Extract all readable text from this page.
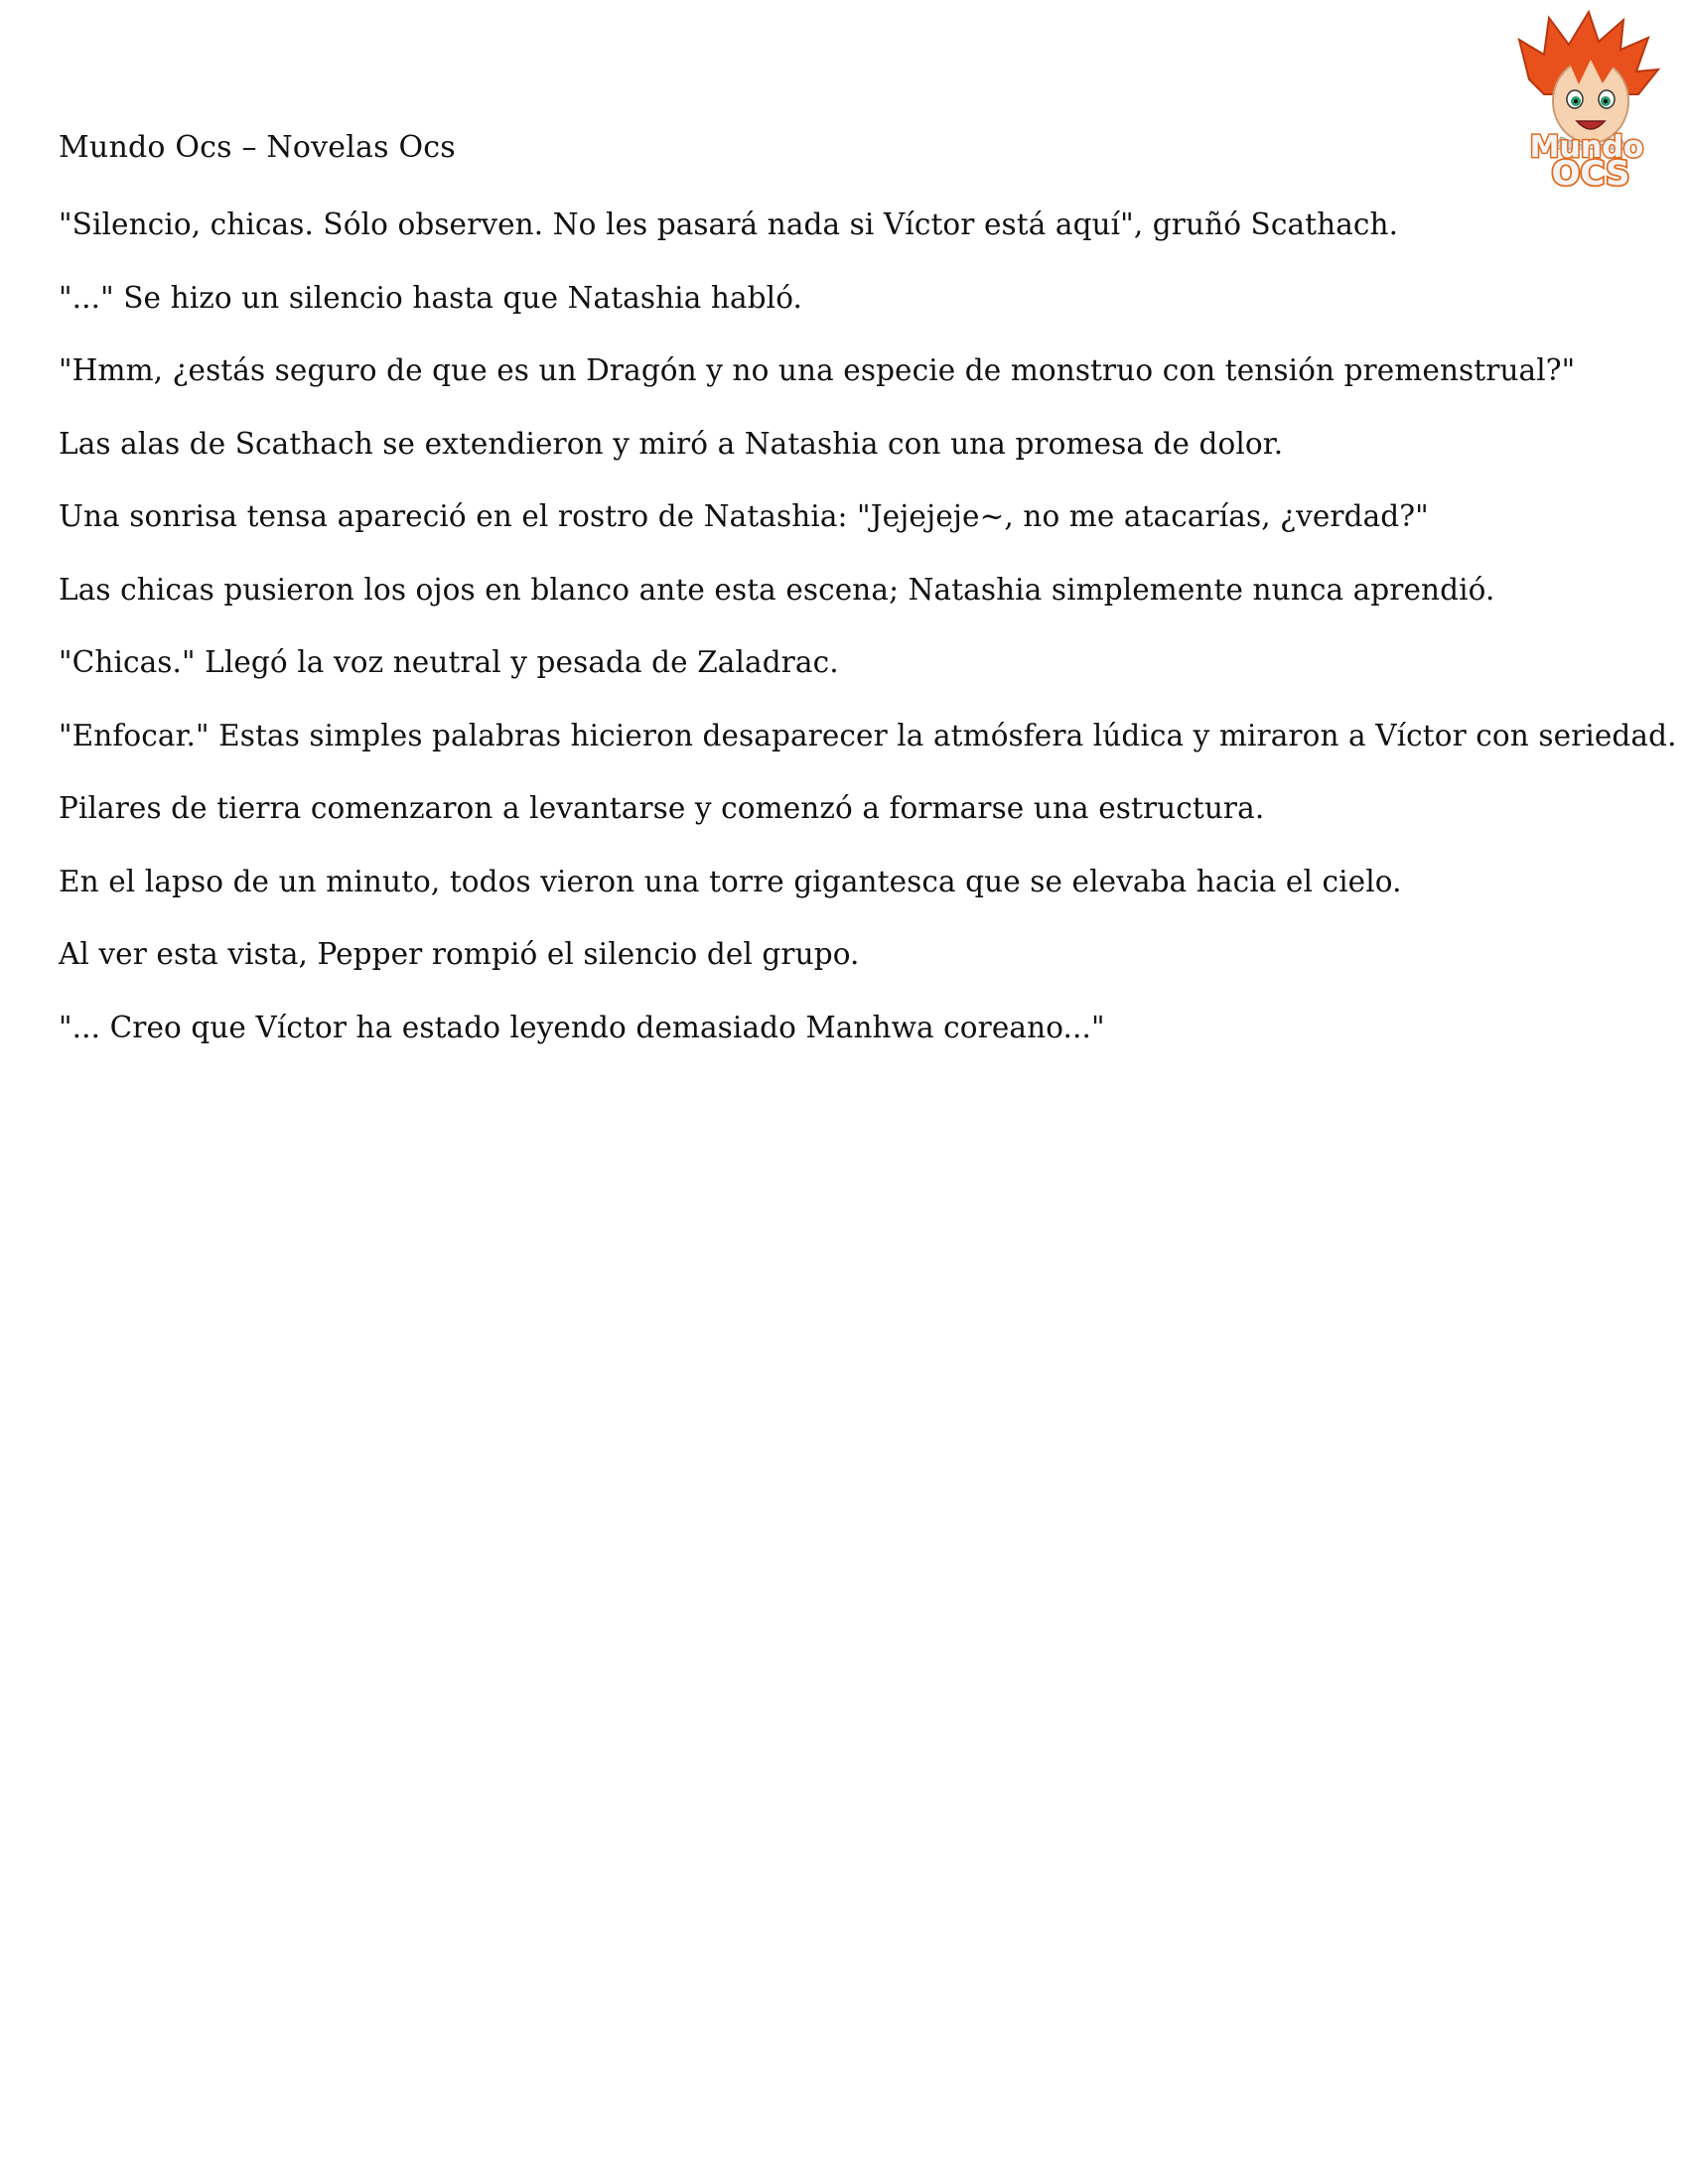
Mundo Ocs – Novelas Ocs	Mundo
OCS

"Silencio, chicas. Sólo observen. No les pasará nada si Víctor está aquí", gruñó Scathach.

"..." Se hizo un silencio hasta que Natashia habló.

"Hmm, ¿estás seguro de que es un Dragón y no una especie de monstruo con tensión premenstrual?"

Las alas de Scathach se extendieron y miró a Natashia con una promesa de dolor.

Una sonrisa tensa apareció en el rostro de Natashia: "Jejejeje~, no me atacarías, ¿verdad?"

Las chicas pusieron los ojos en blanco ante esta escena; Natashia simplemente nunca aprendió.

"Chicas." Llegó la voz neutral y pesada de Zaladrac.

"Enfocar." Estas simples palabras hicieron desaparecer la atmósfera lúdica y miraron a Víctor con seriedad.

Pilares de tierra comenzaron a levantarse y comenzó a formarse una estructura.

En el lapso de un minuto, todos vieron una torre gigantesca que se elevaba hacia el cielo.

Al ver esta vista, Pepper rompió el silencio del grupo.

"... Creo que Víctor ha estado leyendo demasiado Manhwa coreano..."
